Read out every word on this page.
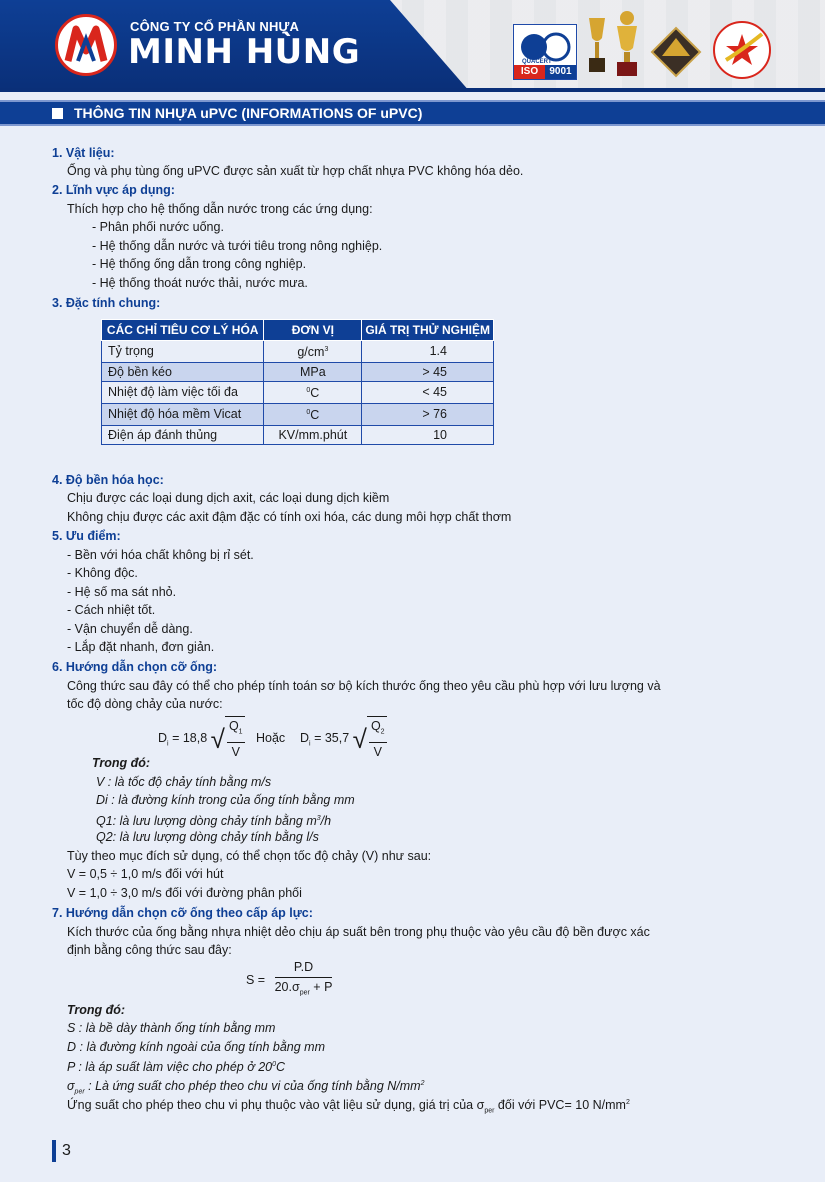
CÔNG TY CỔ PHẦN NHỰA
MINH HÙNG	QUACERT
ISO	9001
THÔNG TIN NHỰA uPVC (INFORMATIONS OF uPVC)
1. Vật liệu:
Ống và phụ tùng ống uPVC được sản xuất từ hợp chất nhựa PVC không hóa dẻo.
2. Lĩnh vực áp dụng:
Thích hợp cho hệ thống dẫn nước trong các ứng dụng:
- Phân phối nước uống.
- Hệ thống dẫn nước và tưới tiêu trong nông nghiệp.
- Hệ thống ống dẫn trong công nghiệp.
- Hệ thống thoát nước thải, nước mưa.
3. Đặc tính chung:
CÁC CHỈ TIÊU CƠ LÝ HÓA	ĐƠN VỊ	GIÁ TRỊ THỬ NGHIỆM
Tỷ trọng	$g/cm^3$	1.4
Độ bền kéo	MPa	> 45
Nhiệt độ làm việc tối đa	$^0$C	< 45
Nhiệt độ hóa mềm Vicat	$^0$C	> 76
Điện áp đánh thủng	KV/mm.phút	10
4. Độ bền hóa học:
Chịu được các loại dung dịch axit, các loại dung dịch kiềm
Không chịu được các axit đậm đặc có tính oxi hóa, các dung môi hợp chất thơm
5. Ưu điểm:
- Bền với hóa chất không bị rỉ sét.
- Không độc.
- Hệ số ma sát nhỏ.
- Cách nhiệt tốt.
- Vận chuyển dễ dàng.
- Lắp đặt nhanh, đơn giản.
6. Hướng dẫn chọn cỡ ống:
Công thức sau đây có thể cho phép tính toán sơ bộ kích thước ống theo yêu cầu phù hợp với lưu lượng và
tốc độ dòng chảy của nước:
$D_i = 18,8$ √ $\frac{Q_1}{V}$ Hoặc $D_i = 35,7$ √ $\frac{Q_2}{V}$
Trong đó:
V : là tốc độ chảy tính bằng m/s
Di : là đường kính trong của ống tính bằng mm
Q1: là lưu lượng dòng chảy tính bằng $m^3/h$
Q2: là lưu lượng dòng chảy tính bằng l/s
Tùy theo mục đích sử dụng, có thể chọn tốc độ chảy (V) như sau:
V = 0,5 ÷ 1,0 m/s đối với hút
V = 1,0 ÷ 3,0 m/s đối với đường phân phối
7. Hướng dẫn chọn cỡ ống theo cấp áp lực:
Kích thước của ống bằng nhựa nhiệt dẻo chịu áp suất bên trong phụ thuộc vào yêu cầu độ bền được xác
định bằng công thức sau đây:
$S = \frac{P.D}{20.\sigma_{per} + P}$
Trong đó:
S : là bề dày thành ống tính bằng mm
D : là đường kính ngoài của ống tính bằng mm
P : là áp suất làm việc cho phép ở $20^0C$
$\sigma_{per}$ : Là ứng suất cho phép theo chu vi của ống tính bằng $N/mm^2$
Ứng suất cho phép theo chu vi phụ thuộc vào vật liệu sử dụng, giá trị của $\sigma_{per}$ đối với PVC= 10 $N/mm^2$
3
